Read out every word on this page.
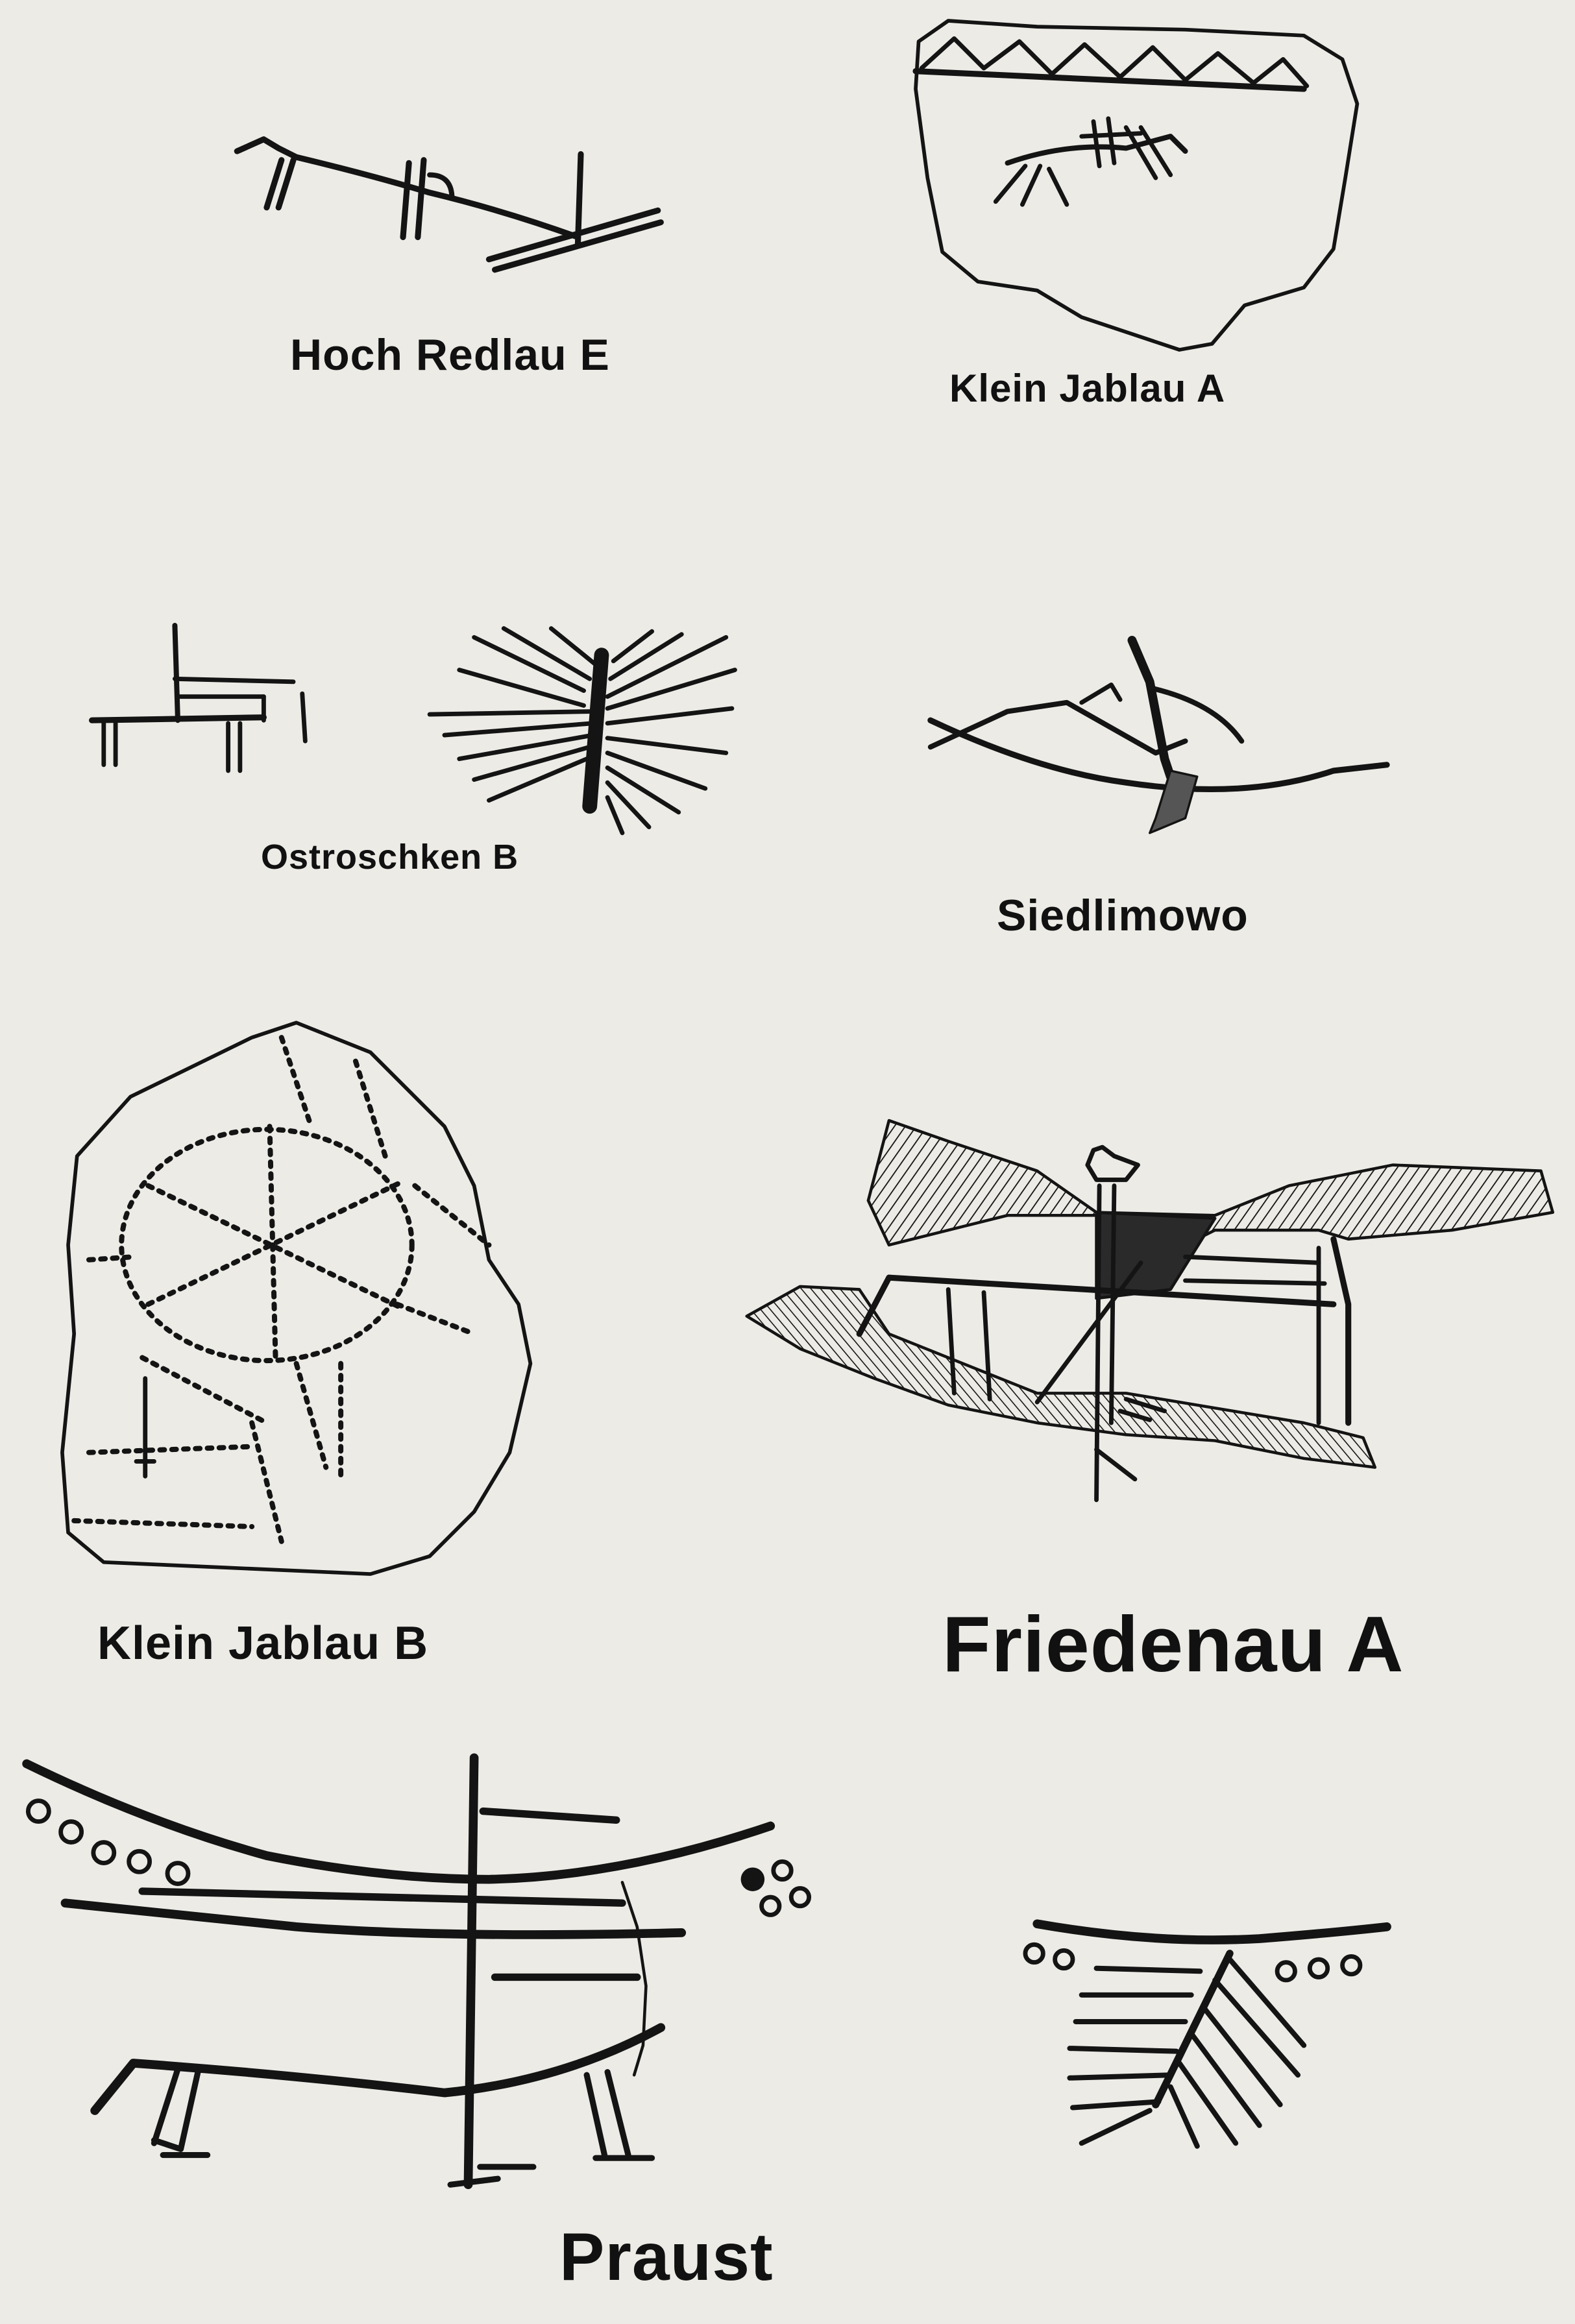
Hoch Redlau E
Klein Jablau A
Ostroschken B
Siedlimowo
Klein Jablau B	Friedenau A
Praust
